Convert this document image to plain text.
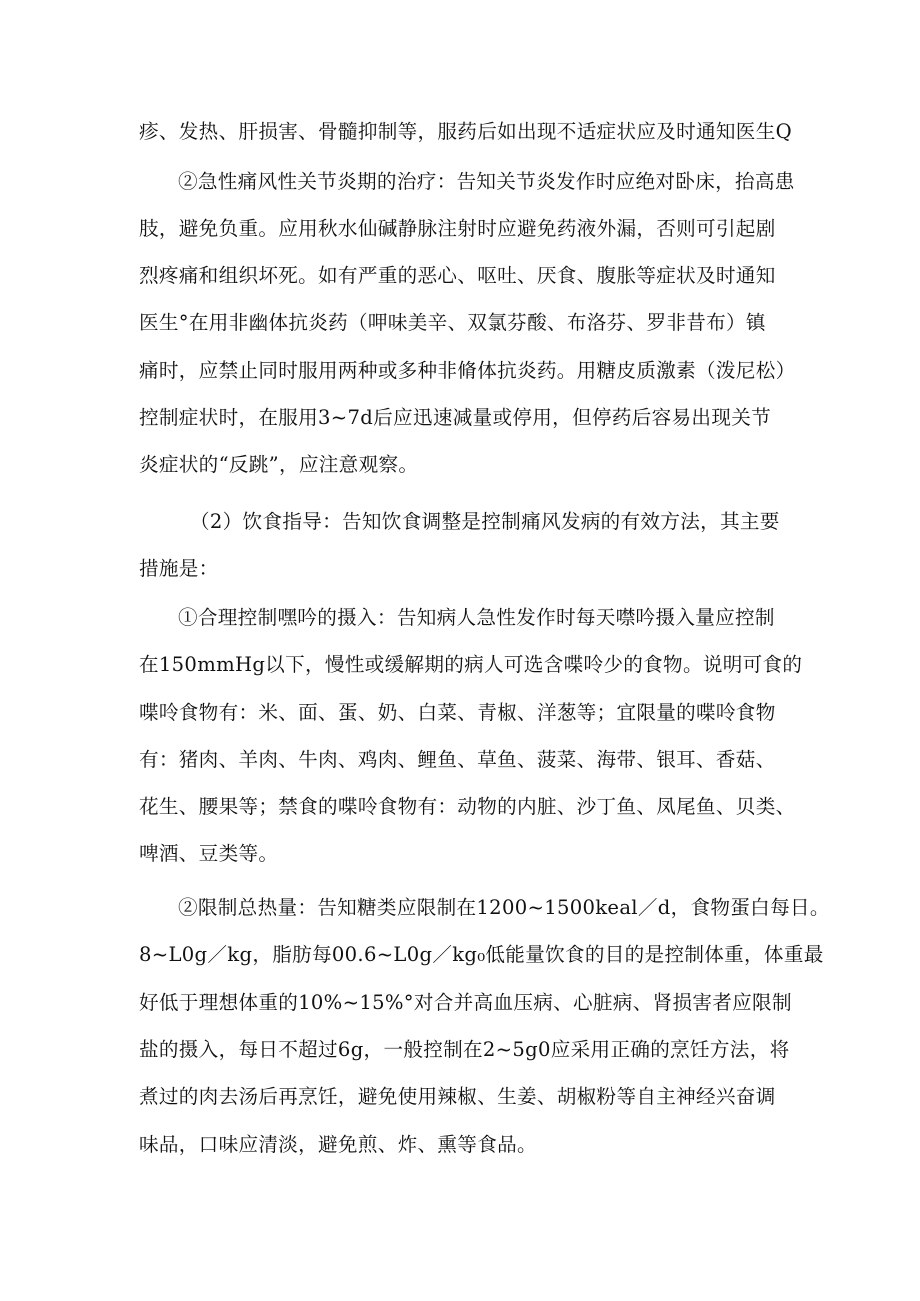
疹、发热、肝损害、骨髓抑制等，服药后如出现不适症状应及时通知医生Q
②急性痛风性关节炎期的治疗：告知关节炎发作时应绝对卧床，抬高患
肢，避免负重。应用秋水仙碱静脉注射时应避免药液外漏，否则可引起剧
烈疼痛和组织坏死。如有严重的恶心、呕吐、厌食、腹胀等症状及时通知
医生°在用非幽体抗炎药（呷味美辛、双氯芬酸、布洛芬、罗非昔布）镇
痛时，应禁止同时服用两种或多种非脩体抗炎药。用糖皮质激素（泼尼松）
控制症状时，在服用3~7d后应迅速减量或停用，但停药后容易出现关节
炎症状的“反跳”，应注意观察。
（2）饮食指导：告知饮食调整是控制痛风发病的有效方法，其主要
措施是：
①合理控制嘿吟的摄入：告知病人急性发作时每天噤吟摄入量应控制
在150mmHg以下，慢性或缓解期的病人可选含喋呤少的食物。说明可食的
喋呤食物有：米、面、蛋、奶、白菜、青椒、洋葱等；宜限量的喋呤食物
有：猪肉、羊肉、牛肉、鸡肉、鲤鱼、草鱼、菠菜、海带、银耳、香菇、
花生、腰果等；禁食的喋呤食物有：动物的内脏、沙丁鱼、凤尾鱼、贝类、
啤酒、豆类等。
②限制总热量：告知糖类应限制在1200~1500keal／d，食物蛋白每日。
8~L0g／kg，脂肪每00.6~L0g／kg₀低能量饮食的目的是控制体重，体重最
好低于理想体重的10%~15%°对合并高血压病、心脏病、肾损害者应限制
盐的摄入，每日不超过6g，一般控制在2~5g0应采用正确的烹饪方法，将
煮过的肉去汤后再烹饪，避免使用辣椒、生姜、胡椒粉等自主神经兴奋调
味品，口味应清淡，避免煎、炸、熏等食品。
